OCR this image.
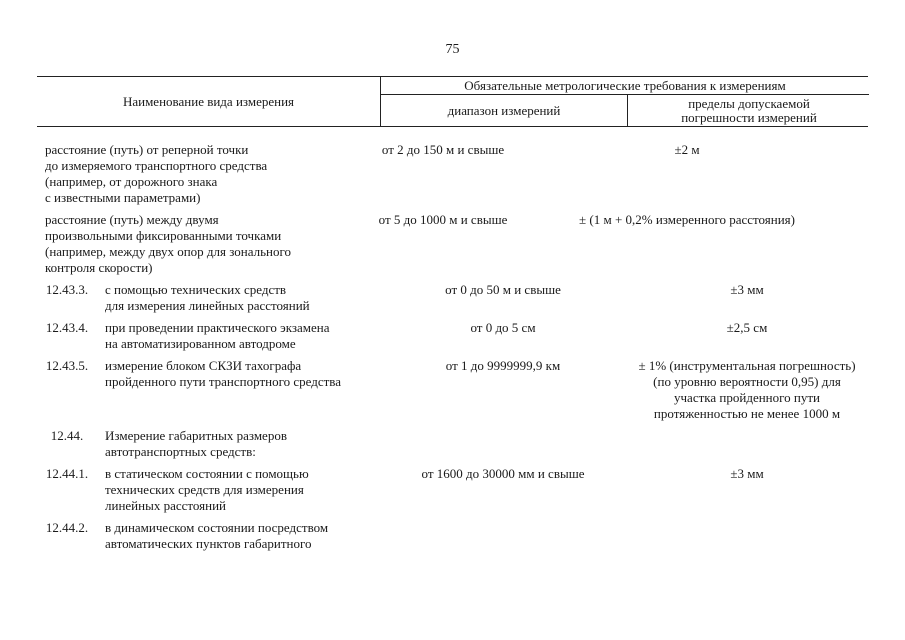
75
Наименование вида измерения
Обязательные метрологические требования к измерениям
диапазон измерений	пределы допускаемой
погрешности измерений
расстояние (путь) от реперной точки
до измеряемого транспортного средства
(например, от дорожного знака
с известными параметрами)
от 2 до 150 м и свыше	±2 м
расстояние (путь) между двумя
произвольными фиксированными точками
(например, между двух опор для зонального
контроля скорости)
от 5 до 1000 м и свыше	± (1 м + 0,2% измеренного расстояния)
12.43.3.	с помощью технических средств
для измерения линейных расстояний
от 0 до 50 м и свыше	±3 мм
12.43.4.	при проведении практического экзамена
на автоматизированном автодроме
от 0 до 5 см	±2,5 см
12.43.5.	измерение блоком СКЗИ тахографа
пройденного пути транспортного средства
от 1 до 9999999,9 км	± 1% (инструментальная погрешность)
(по уровню вероятности 0,95) для
участка пройденного пути
протяженностью не менее 1000 м
12.44.	Измерение габаритных размеров
автотранспортных средств:
12.44.1.	в статическом состоянии с помощью
технических средств для измерения
линейных расстояний
от 1600 до 30000 мм и свыше	±3 мм
12.44.2.	в динамическом состоянии посредством
автоматических пунктов габаритного
